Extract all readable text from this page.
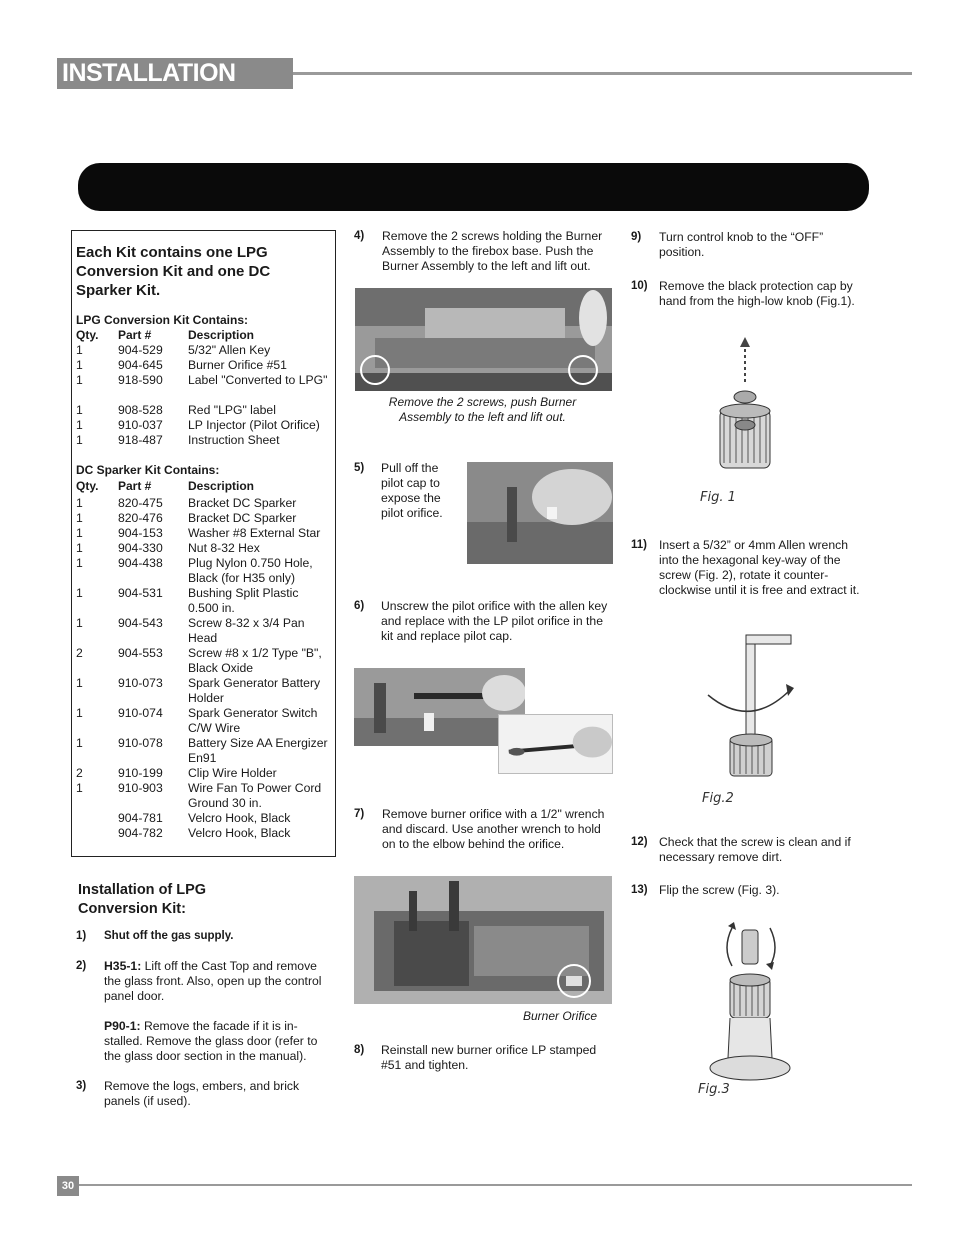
INSTALLATION
Each Kit contains one LPG Conversion Kit and one DC Sparker Kit.
LPG Conversion Kit Contains:
Qty. Part #	Description
1	904-529 5/32" Allen Key
1	904-645 Burner Orifice #51
1	918-590 Label "Converted to LPG"
1	908-528 Red "LPG" label
1	910-037 LP Injector (Pilot Orifice)
1	918-487 Instruction Sheet
DC Sparker Kit Contains:
Qty. Part #	Description
1	820-475 Bracket DC Sparker
1	820-476 Bracket DC Sparker
1	904-153 Washer #8 External Star
1	904-330 Nut 8-32 Hex
1	904-438 Plug Nylon 0.750 Hole, Black (for H35 only)
1	904-531 Bushing Split Plastic 0.500 in.
1	904-543 Screw 8-32 x 3/4 Pan Head
2	904-553 Screw #8 x 1/2 Type "B", Black Oxide
1	910-073 Spark Generator Battery Holder
1	910-074 Spark Generator Switch C/W Wire
1	910-078 Battery Size AA Energizer En91
2	910-199 Clip Wire Holder
1	910-903 Wire Fan To Power Cord Ground 30 in.
904-781 Velcro Hook, Black
904-782 Velcro Hook, Black
Installation of LPG Conversion Kit:
1) Shut off the gas supply.
2) H35-1: Lift off the Cast Top and remove the glass front. Also, open up the control panel door.
P90-1: Remove the facade if it is in-stalled. Remove the glass door (refer to the glass door section in the manual).
3) Remove the logs, embers, and brick panels (if used).
4) Remove the 2 screws holding the Burner Assembly to the firebox base. Push the Burner Assembly to the left and lift out.
Remove the 2 screws, push Burner Assembly to the left and lift out.
5) Pull off the pilot cap to expose the pilot orifice.
6) Unscrew the pilot orifice with the allen key and replace with the LP pilot orifice in the kit and replace pilot cap.
7) Remove burner orifice with a 1/2" wrench and discard. Use another wrench to hold on to the elbow behind the orifice.
Burner Orifice
8) Reinstall new burner orifice LP stamped #51 and tighten.
9) Turn control knob to the “OFF” position.
10) Remove the black protection cap by hand from the high-low knob (Fig.1).
Fig. 1
11) Insert a 5/32” or 4mm Allen wrench into the hexagonal key-way of the screw (Fig. 2), rotate it counter-clockwise until it is free and extract it.
Fig.2
12) Check that the screw is clean and if necessary remove dirt.
13) Flip the screw (Fig. 3).
Fig.3
30
